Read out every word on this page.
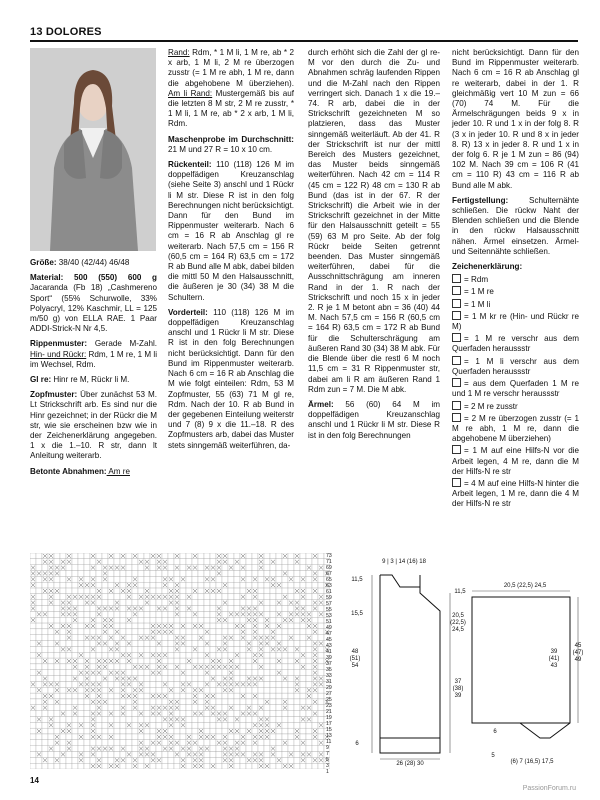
13 DOLORES

Größe: 38/40 (42/44) 46/48

Material: 500 (550) 600 g Jacaranda (Fb 18) „Cashmereno Sport“ (55% Schurwolle, 33% Polyacryl, 12% Kaschmir, LL = 125 m/50 g) von ELLA RAE. 1 Paar ADDI-Strick-N Nr 4,5.

Rippenmuster: Gerade M-Zahl. Hin- und Rückr: Rdm, 1 M re, 1 M li im Wechsel, Rdm.

Gl re: Hinr re M, Rückr li M.

Zopfmuster: Über zunächst 53 M. Lt Strickschrift arb. Es sind nur die Hinr gezeichnet; in der Rückr die M str, wie sie erscheinen bzw wie in der Zeichenerklärung angegeben. 1 x die 1.–10. R str, dann lt Anleitung weiterarb.

Betonte Abnahmen: Am re

Rand: Rdm, * 1 M li, 1 M re, ab * 2 x arb, 1 M li, 2 M re überzogen zusstr (= 1 M re abh, 1 M re, dann die abgehobene M überziehen). Am li Rand: Mustergemäß bis auf die letzten 8 M str, 2 M re zusstr, * 1 M li, 1 M re, ab * 2 x arb, 1 M li, Rdm.

Maschenprobe im Durchschnitt: 21 M und 27 R = 10 x 10 cm.

Rückenteil: 110 (118) 126 M im doppelfädigen Kreuzanschlag (siehe Seite 3) anschl und 1 Rückr li M str. Diese R ist in den folg Berechnungen nicht berücksichtigt. Dann für den Bund im Rippenmuster weiterarb. Nach 6 cm = 16 R ab Anschlag gl re weiterarb. Nach 57,5 cm = 156 R (60,5 cm = 164 R) 63,5 cm = 172 R ab Bund alle M abk, dabei bilden die mittl 50 M den Halsausschnitt, die äußeren je 30 (34) 38 M die Schultern.

Vorderteil: 110 (118) 126 M im doppelfädigen Kreuzanschlag anschl und 1 Rückr li M str. Diese R ist in den folg Berechnungen nicht berücksichtigt. Dann für den Bund im Rippenmuster weiterarb. Nach 6 cm = 16 R ab Anschlag die M wie folgt einteilen: Rdm, 53 M Zopfmuster, 55 (63) 71 M gl re, Rdm. Nach der 10. R ab Bund in der gegebenen Einteilung weiterstr und 7 (8) 9 x die 11.–18. R des Zopfmusters arb, dabei das Muster stets sinngemäß weiterführen, da-

durch erhöht sich die Zahl der gl re-M vor den durch die Zu- und Abnahmen schräg laufenden Rippen und die M-Zahl nach den Rippen verringert sich. Danach 1 x die 19.–74. R arb, dabei die in der Strickschrift gezeichneten M so platzieren, dass das Muster sinngemäß weiterläuft. Ab der 41. R der Strickschrift ist nur der mittl Bereich des Musters gezeichnet, das Muster beids sinngemäß weiterführen. Nach 42 cm = 114 R (45 cm = 122 R) 48 cm = 130 R ab Bund (das ist in der 67. R der Strickschrift) die Arbeit wie in der Strickschrift gezeichnet in der Mitte für den Halsausschnitt geteilt = 55 (59) 63 M pro Seite. Ab der folg Rückr beide Seiten getrennt beenden. Das Muster sinngemäß weiterführen, dabei für die Ausschnittschrägung am inneren Rand in der 1. R nach der Strickschrift und noch 15 x in jeder 2. R je 1 M betont abn = 36 (40) 44 M. Nach 57,5 cm = 156 R (60,5 cm = 164 R) 63,5 cm = 172 R ab Bund für die Schulterschrägung am äußeren Rand 30 (34) 38 M abk. Für die Blende über die restl 6 M noch 11,5 cm = 31 R Rippenmuster str, dabei am li R am äußeren Rand 1 Rdm zun = 7 M. Die M abk.

Ärmel: 56 (60) 64 M im doppelfädigen Kreuzanschlag anschl und 1 Rückr li M str. Diese R ist in den folg Berechnungen

nicht berücksichtigt. Dann für den Bund im Rippenmuster weiterarb. Nach 6 cm = 16 R ab Anschlag gl re weiterarb, dabei in der 1. R gleichmäßig vert 10 M zun = 66 (70) 74 M. Für die Ärmelschrägungen beids 9 x in jeder 10. R und 1 x in der folg 8. R (3 x in jeder 10. R und 8 x in jeder 8. R) 13 x in jeder 8. R und 1 x in der folg 6. R je 1 M zun = 86 (94) 102 M. Nach 39 cm = 106 R (41 cm = 110 R) 43 cm = 116 R ab Bund alle M abk.

Fertigstellung: Schulternähte schließen. Die rückw Naht der Blenden schließen und die Blende in den rückw Halsausschnitt nähen. Ärmel einsetzen. Ärmel- und Seitennähte schließen.

Zeichenerklärung:

= Rdm
= 1 M re
= 1 M li
= 1 M kr re (Hin- und Rückr re M)
= 1 M re verschr aus dem Querfaden heraussstr
= 1 M li verschr aus dem Querfaden heraussstr
= aus dem Querfaden 1 M re und 1 M re verschr heraussstr
= 2 M re zusstr
= 2 M re überzogen zusstr (= 1 M re abh, 1 M re, dann die abgehobene M überziehen)
= 1 M auf eine Hilfs-N vor die Arbeit legen, 4 M re, dann die M der Hilfs-N re str
= 4 M auf eine Hilfs-N hinter die Arbeit legen, 1 M re, dann die 4 M der Hilfs-N re str
73
71
69
67
65
63
61
59
57
55
53
51
49
47
45
43
41
39
37
35
33
31
29
27
25
23
21
19
17
15
13
11
9
7
5
3
1
9 | 3 | 14 (16) 18
11,5
15,5
48
(51)
54
6
11,5
20,5
(22,5)
24,5
37
(38)
39
26 (28) 30
20,5 (22,5) 24,5
39
(41)
43
45
(47)
49
6
5
(6) 7 (16,5) 17,5
14
PassionForum.ru
